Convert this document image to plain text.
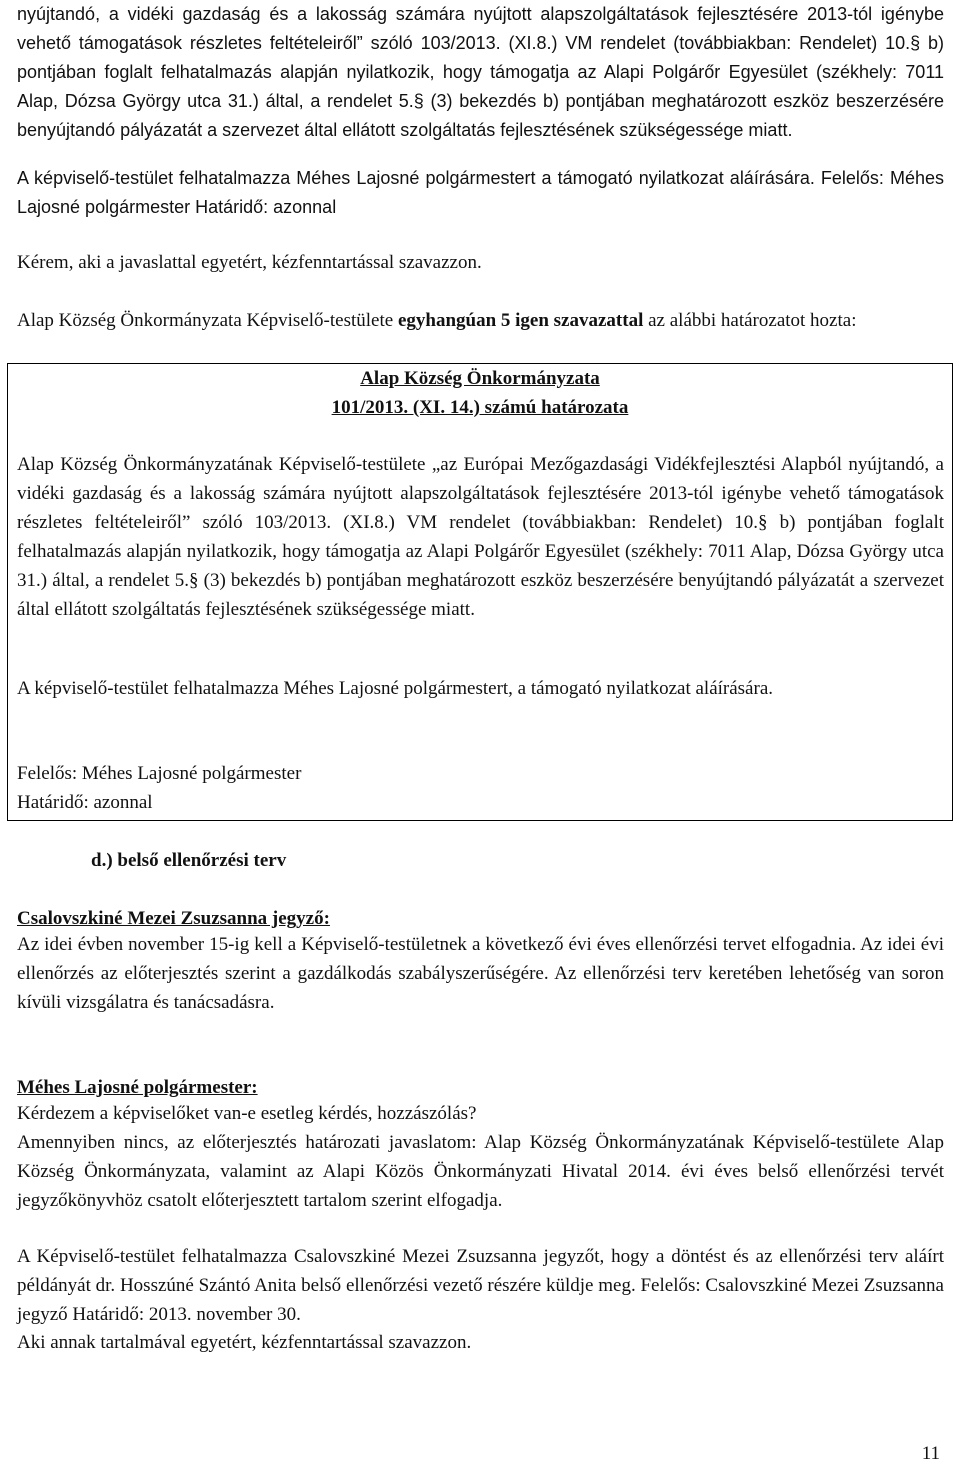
nyújtandó, a vidéki gazdaság és a lakosság számára nyújtott alapszolgáltatások fejlesztésére 2013-tól igénybe vehető támogatások részletes feltételeiről” szóló 103/2013. (XI.8.) VM rendelet (továbbiakban: Rendelet) 10.§ b) pontjában foglalt felhatalmazás alapján nyilatkozik, hogy támogatja az Alapi Polgárőr Egyesület (székhely: 7011 Alap, Dózsa György utca 31.) által, a rendelet 5.§ (3) bekezdés b) pontjában meghatározott eszköz beszerzésére benyújtandó pályázatát a szervezet által ellátott szolgáltatás fejlesztésének szükségessége miatt.

A képviselő-testület felhatalmazza Méhes Lajosné polgármestert a támogató nyilatkozat aláírására. Felelős: Méhes Lajosné polgármester Határidő: azonnal

Kérem, aki a javaslattal egyetért, kézfenntartással szavazzon.

Alap Község Önkormányzata Képviselő-testülete egyhangúan 5 igen szavazattal az alábbi határozatot hozta:

Alap Község Önkormányzata
101/2013. (XI. 14.) számú határozata

Alap Község Önkormányzatának Képviselő-testülete „az Európai Mezőgazdasági Vidékfejlesztési Alapból nyújtandó, a vidéki gazdaság és a lakosság számára nyújtott alapszolgáltatások fejlesztésére 2013-tól igénybe vehető támogatások részletes feltételeiről” szóló 103/2013. (XI.8.) VM rendelet (továbbiakban: Rendelet) 10.§ b) pontjában foglalt felhatalmazás alapján nyilatkozik, hogy támogatja az Alapi Polgárőr Egyesület (székhely: 7011 Alap, Dózsa György utca 31.) által, a rendelet 5.§ (3) bekezdés b) pontjában meghatározott eszköz beszerzésére benyújtandó pályázatát a szervezet által ellátott szolgáltatás fejlesztésének szükségessége miatt.

A képviselő-testület felhatalmazza Méhes Lajosné polgármestert, a támogató nyilatkozat aláírására.

Felelős: Méhes Lajosné polgármester

Határidő: azonnal

d.) belső ellenőrzési terv
Csalovszkiné Mezei Zsuzsanna jegyző:

Az idei évben november 15-ig kell a Képviselő-testületnek a következő évi éves ellenőrzési tervet elfogadnia. Az idei évi ellenőrzés az előterjesztés szerint a gazdálkodás szabályszerűségére. Az ellenőrzési terv keretében lehetőség van soron kívüli vizsgálatra és tanácsadásra.

Méhes Lajosné polgármester:

Kérdezem a képviselőket van-e esetleg kérdés, hozzászólás?

Amennyiben nincs, az előterjesztés határozati javaslatom: Alap Község Önkormányzatának Képviselő-testülete Alap Község Önkormányzata, valamint az Alapi Közös Önkormányzati Hivatal 2014. évi éves belső ellenőrzési tervét jegyzőkönyvhöz csatolt előterjesztett tartalom szerint elfogadja.

A Képviselő-testület felhatalmazza Csalovszkiné Mezei Zsuzsanna jegyzőt, hogy a döntést és az ellenőrzési terv aláírt példányát dr. Hosszúné Szántó Anita belső ellenőrzési vezető részére küldje meg. Felelős: Csalovszkiné Mezei Zsuzsanna jegyző Határidő: 2013. november 30.

Aki annak tartalmával egyetért, kézfenntartással szavazzon.

11
